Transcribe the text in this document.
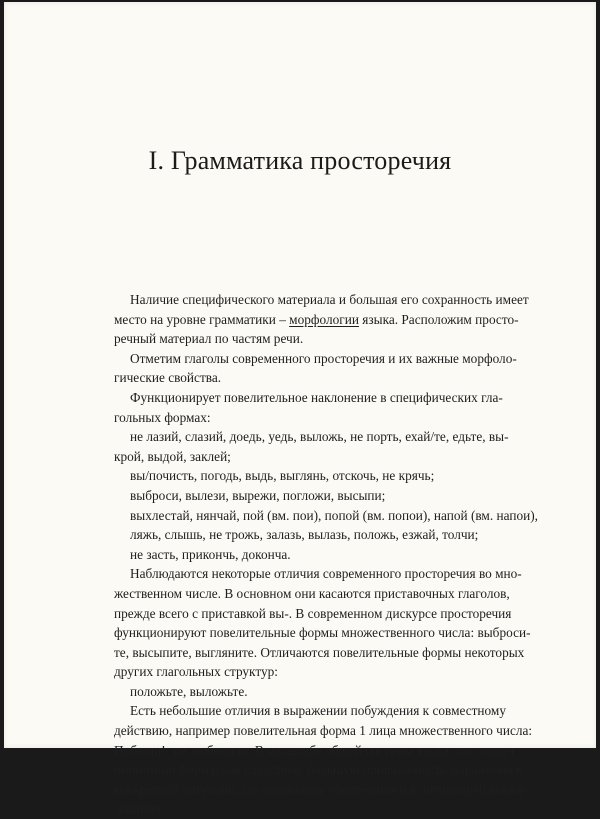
I. Грамматика просторечия
Наличие специфического материала и большая его сохранность имеет
место на уровне грамматики – морфологии языка. Расположим просто-
речный материал по частям речи.
Отметим глаголы современного просторечия и их важные морфоло-
гические свойства.
Функционирует повелительное наклонение в специфических гла-
гольных формах:
не лазий, слазий, доедь, уедь, выложь, не порть, ехай/те, едьте, вы-
крой, выдой, заклей;
вы/почисть, погодь, выдь, выглянь, отскочь, не крячь;
выброси, вылези, вырежи, погложи, высыпи;
выхлестай, нянчай, пой (вм. пои), попой (вм. попои), напой (вм. напои),
ляжь, слышь, не трожь, залазь, вылазь, положь, езжай, толчи;
не засть, прикончь, доконча.
Наблюдаются некоторые отличия современного просторечия во мно-
жественном числе. В основном они касаются приставочных глаголов,
прежде всего с приставкой вы-. В современном дискурсе просторечия
функционируют повелительные формы множественного числа: выброси-
те, высыпите, выгляните. Отличаются повелительные формы некоторых
других глагольных структур:
положьте, выложьте.
Есть небольшие отличия в выражении побуждения к совместному
действию, например повелительная форма 1 лица множественного числа:
Побегли!, т.е. побежали. В масштабе общей системы языка это создает
омонимию форм и как следствие, большую привязанность выражения к
конкретной ситуации, где понимание обеспечивается интонацией выска-
зывания.
